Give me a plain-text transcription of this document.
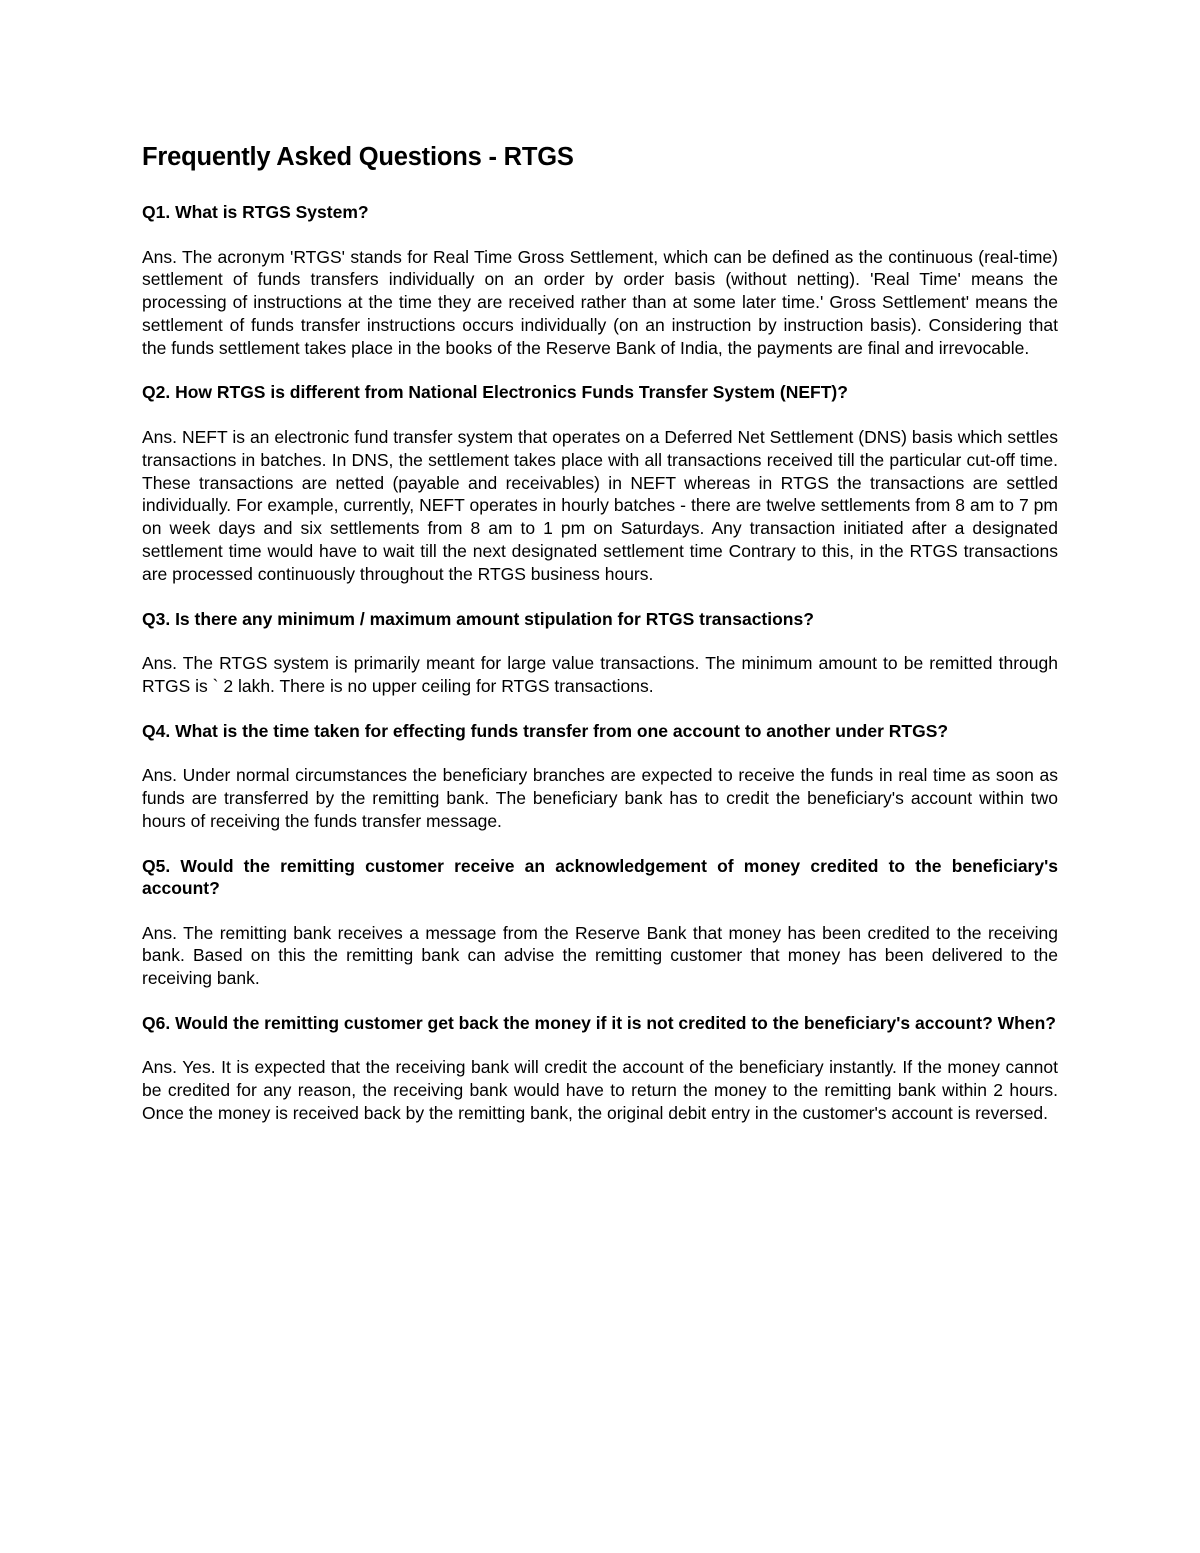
Frequently Asked Questions - RTGS

Q1. What is RTGS System?

Ans. The acronym 'RTGS' stands for Real Time Gross Settlement, which can be defined as the continuous (real-time) settlement of funds transfers individually on an order by order basis (without netting). 'Real Time' means the processing of instructions at the time they are received rather than at some later time.' Gross Settlement' means the settlement of funds transfer instructions occurs individually (on an instruction by instruction basis). Considering that the funds settlement takes place in the books of the Reserve Bank of India, the payments are final and irrevocable.

Q2. How RTGS is different from National Electronics Funds Transfer System (NEFT)?

Ans. NEFT is an electronic fund transfer system that operates on a Deferred Net Settlement (DNS) basis which settles transactions in batches. In DNS, the settlement takes place with all transactions received till the particular cut-off time. These transactions are netted (payable and receivables) in NEFT whereas in RTGS the transactions are settled individually. For example, currently, NEFT operates in hourly batches - there are twelve settlements from 8 am to 7 pm on week days and six settlements from 8 am to 1 pm on Saturdays. Any transaction initiated after a designated settlement time would have to wait till the next designated settlement time Contrary to this, in the RTGS transactions are processed continuously throughout the RTGS business hours.

Q3. Is there any minimum / maximum amount stipulation for RTGS transactions?

Ans. The RTGS system is primarily meant for large value transactions. The minimum amount to be remitted through RTGS is ` 2 lakh. There is no upper ceiling for RTGS transactions.

Q4. What is the time taken for effecting funds transfer from one account to another under RTGS?

Ans. Under normal circumstances the beneficiary branches are expected to receive the funds in real time as soon as funds are transferred by the remitting bank. The beneficiary bank has to credit the beneficiary's account within two hours of receiving the funds transfer message.

Q5. Would the remitting customer receive an acknowledgement of money credited to the beneficiary's account?

Ans. The remitting bank receives a message from the Reserve Bank that money has been credited to the receiving bank. Based on this the remitting bank can advise the remitting customer that money has been delivered to the receiving bank.

Q6. Would the remitting customer get back the money if it is not credited to the beneficiary's account? When?

Ans. Yes. It is expected that the receiving bank will credit the account of the beneficiary instantly. If the money cannot be credited for any reason, the receiving bank would have to return the money to the remitting bank within 2 hours. Once the money is received back by the remitting bank, the original debit entry in the customer's account is reversed.
